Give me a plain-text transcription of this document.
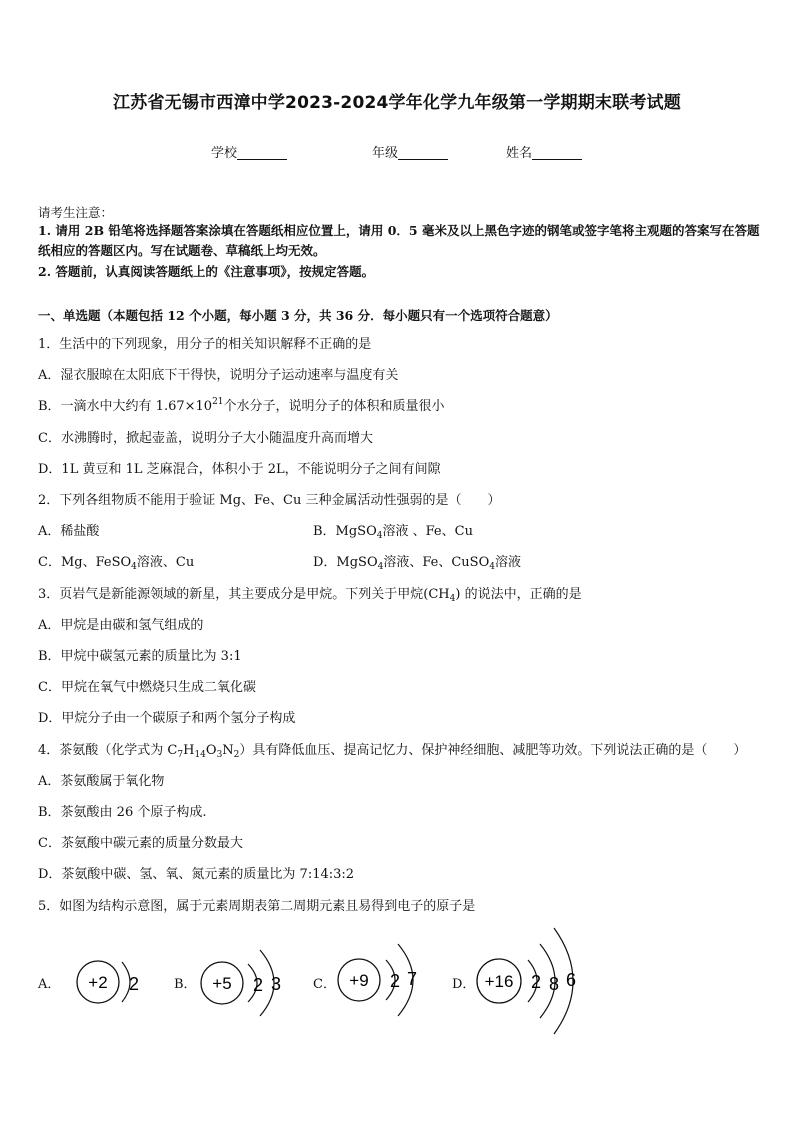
江苏省无锡市西漳中学2023-2024学年化学九年级第一学期期末联考试题
学校	年级	姓名
请考生注意：
1. 请用 2B 铅笔将选择题答案涂填在答题纸相应位置上，请用 0．5 毫米及以上黑色字迹的钢笔或签字笔将主观题的答案写在答题纸相应的答题区内。写在试题卷、草稿纸上均无效。
2. 答题前，认真阅读答题纸上的《注意事项》，按规定答题。
一、单选题（本题包括 12 个小题，每小题 3 分，共 36 分．每小题只有一个选项符合题意）
1．生活中的下列现象，用分子的相关知识解释不正确的是
A．湿衣服晾在太阳底下干得快，说明分子运动速率与温度有关
B．一滴水中大约有 $1.67\times 10^{21}$个水分子，说明分子的体积和质量很小
C．水沸腾时，掀起壶盖，说明分子大小随温度升高而增大
D．1L 黄豆和 1L 芝麻混合，体积小于 2L，不能说明分子之间有间隙
2．下列各组物质不能用于验证 Mg、Fe、Cu 三种金属活动性强弱的是（　　）
A．稀盐酸	B．MgSO$_4$溶液 、Fe、Cu
C．Mg、FeSO$_4$溶液、Cu	D．MgSO$_4$溶液、Fe、CuSO$_4$溶液
3．页岩气是新能源领域的新星，其主要成分是甲烷。下列关于甲烷$(CH_4)$ 的说法中，正确的是
A．甲烷是由碳和氢气组成的
B．甲烷中碳氢元素的质量比为 3:1
C．甲烷在氧气中燃烧只生成二氧化碳
D．甲烷分子由一个碳原子和两个氢分子构成
4．茶氨酸（化学式为 $C_7H_{14}O_3N_2$）具有降低血压、提高记忆力、保护神经细胞、减肥等功效。下列说法正确的是（　　）
A．茶氨酸属于氧化物
B．茶氨酸由 26 个原子构成.
C．茶氨酸中碳元素的质量分数最大
D．茶氨酸中碳、氢、氧、氮元素的质量比为 7:14:3:2
5．如图为结构示意图，属于元素周期表第二周期元素且易得到电子的原子是
A． +2 2	B． +5 2 3 C． +9 2 7	D． +16 2 8 6
